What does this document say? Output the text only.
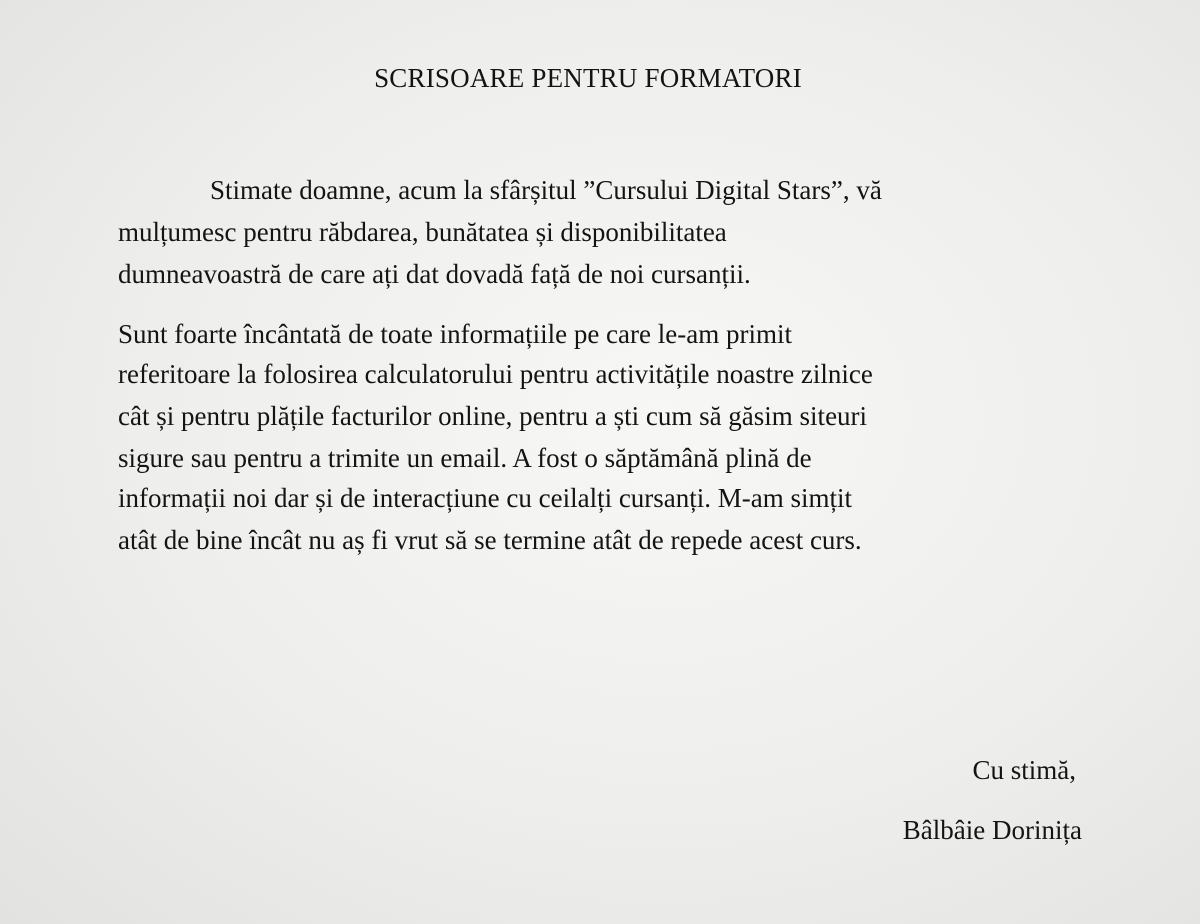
SCRISOARE PENTRU FORMATORI
Stimate doamne, acum la sfârșitul ”Cursului Digital Stars”, vă
mulțumesc pentru răbdarea, bunătatea și disponibilitatea
dumneavoastră de care ați dat dovadă față de noi cursanții.
Sunt foarte încântată de toate informațiile pe care le-am primit
referitoare la folosirea calculatorului pentru activitățile noastre zilnice
cât și pentru plățile facturilor online, pentru a ști cum să găsim siteuri
sigure sau pentru a trimite un email. A fost o săptămână plină de
informații noi dar și de interacțiune cu ceilalți cursanți. M-am simțit
atât de bine încât nu aș fi vrut să se termine atât de repede acest curs.
Cu stimă,
Bâlbâie Dorinița
